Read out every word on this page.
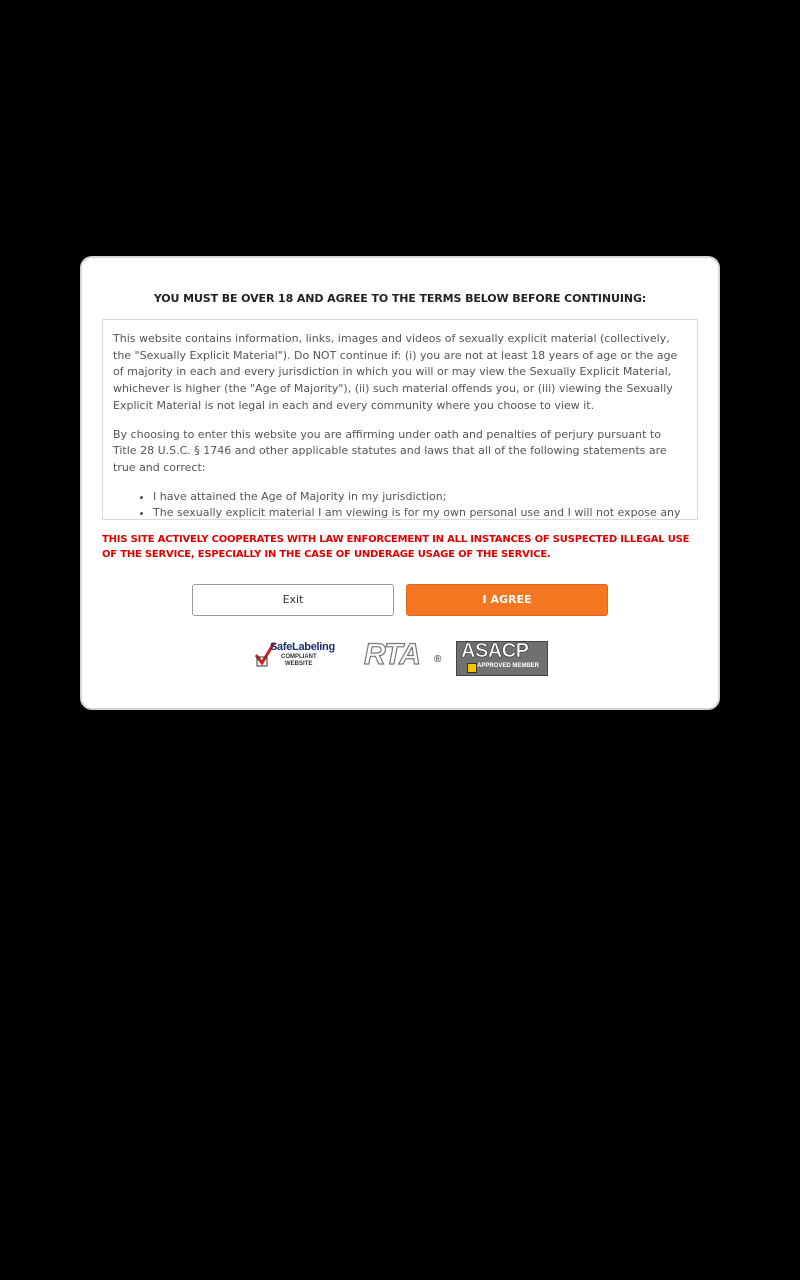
YOU MUST BE OVER 18 AND AGREE TO THE TERMS BELOW BEFORE CONTINUING:

This website contains information, links, images and videos of sexually explicit material (collectively, the "Sexually Explicit Material"). Do NOT continue if: (i) you are not at least 18 years of age or the age of majority in each and every jurisdiction in which you will or may view the Sexually Explicit Material, whichever is higher (the "Age of Majority"), (ii) such material offends you, or (iii) viewing the Sexually Explicit Material is not legal in each and every community where you choose to view it.

By choosing to enter this website you are affirming under oath and penalties of perjury pursuant to Title 28 U.S.C. § 1746 and other applicable statutes and laws that all of the following statements are true and correct:

• I have attained the Age of Majority in my jurisdiction;
• The sexually explicit material I am viewing is for my own personal use and I will not expose any
THIS SITE ACTIVELY COOPERATES WITH LAW ENFORCEMENT IN ALL INSTANCES OF SUSPECTED ILLEGAL USE OF THE SERVICE, ESPECIALLY IN THE CASE OF UNDERAGE USAGE OF THE SERVICE.
Exit	I AGREE
SafeLabeling
COMPLIANT
WEBSITE RTA ® ASACP
APPROVED MEMBER
